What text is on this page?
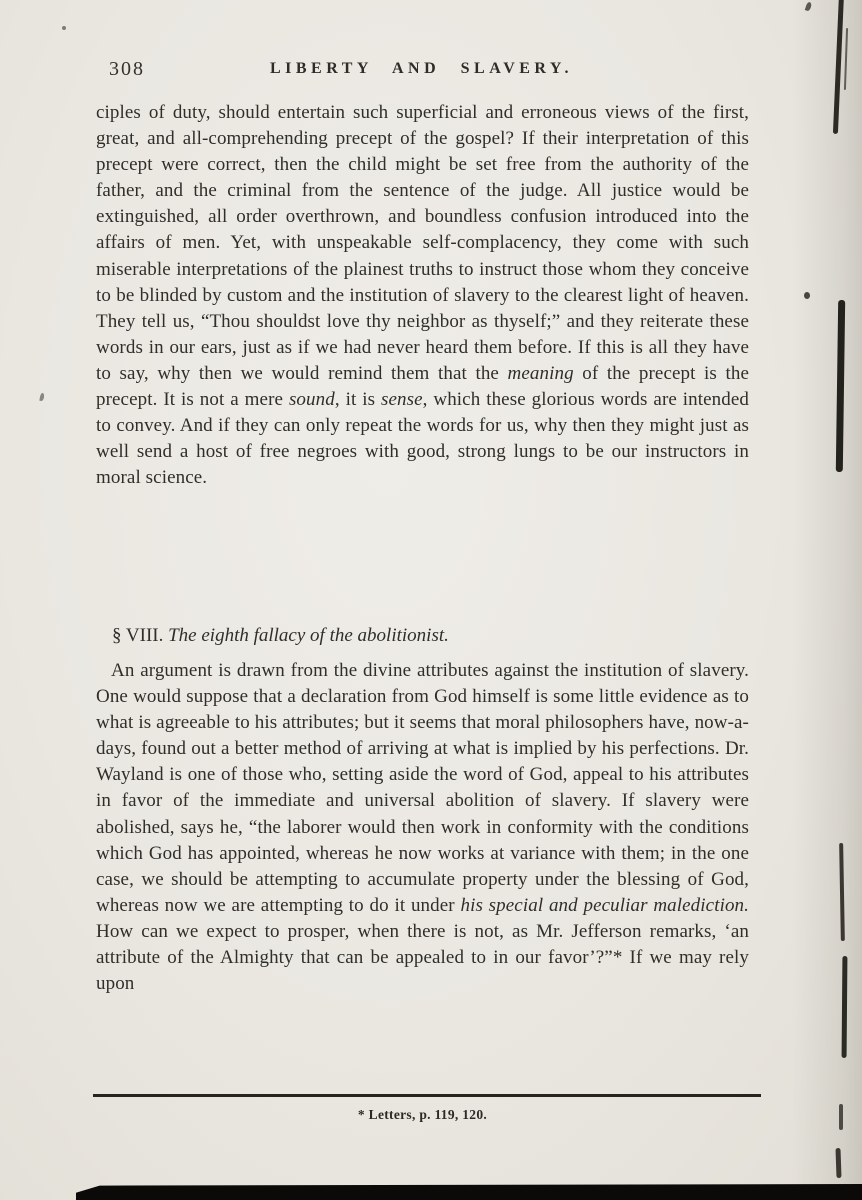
308	LIBERTY AND SLAVERY.
ciples of duty, should entertain such superficial and erroneous views of the first, great, and all-comprehending precept of the gospel? If their interpretation of this precept were correct, then the child might be set free from the authority of the father, and the criminal from the sentence of the judge. All justice would be extinguished, all order overthrown, and boundless confusion introduced into the affairs of men. Yet, with unspeakable self-complacency, they come with such miserable interpretations of the plainest truths to instruct those whom they conceive to be blinded by custom and the institution of slavery to the clearest light of heaven. They tell us, “Thou shouldst love thy neighbor as thyself;” and they reiterate these words in our ears, just as if we had never heard them before. If this is all they have to say, why then we would remind them that the meaning of the precept is the precept. It is not a mere sound, it is sense, which these glorious words are intended to convey. And if they can only repeat the words for us, why then they might just as well send a host of free negroes with good, strong lungs to be our instructors in moral science.
§ VIII. The eighth fallacy of the abolitionist.
An argument is drawn from the divine attributes against the institution of slavery. One would suppose that a declaration from God himself is some little evidence as to what is agreeable to his attributes; but it seems that moral philosophers have, now-a-days, found out a better method of arriving at what is implied by his perfections. Dr. Wayland is one of those who, setting aside the word of God, appeal to his attributes in favor of the immediate and universal abolition of slavery. If slavery were abolished, says he, “the laborer would then work in conformity with the conditions which God has appointed, whereas he now works at variance with them; in the one case, we should be attempting to accumulate property under the blessing of God, whereas now we are attempting to do it under his special and peculiar malediction. How can we expect to prosper, when there is not, as Mr. Jefferson remarks, ‘an attribute of the Almighty that can be appealed to in our favor’?”* If we may rely upon
* Letters, p. 119, 120.
